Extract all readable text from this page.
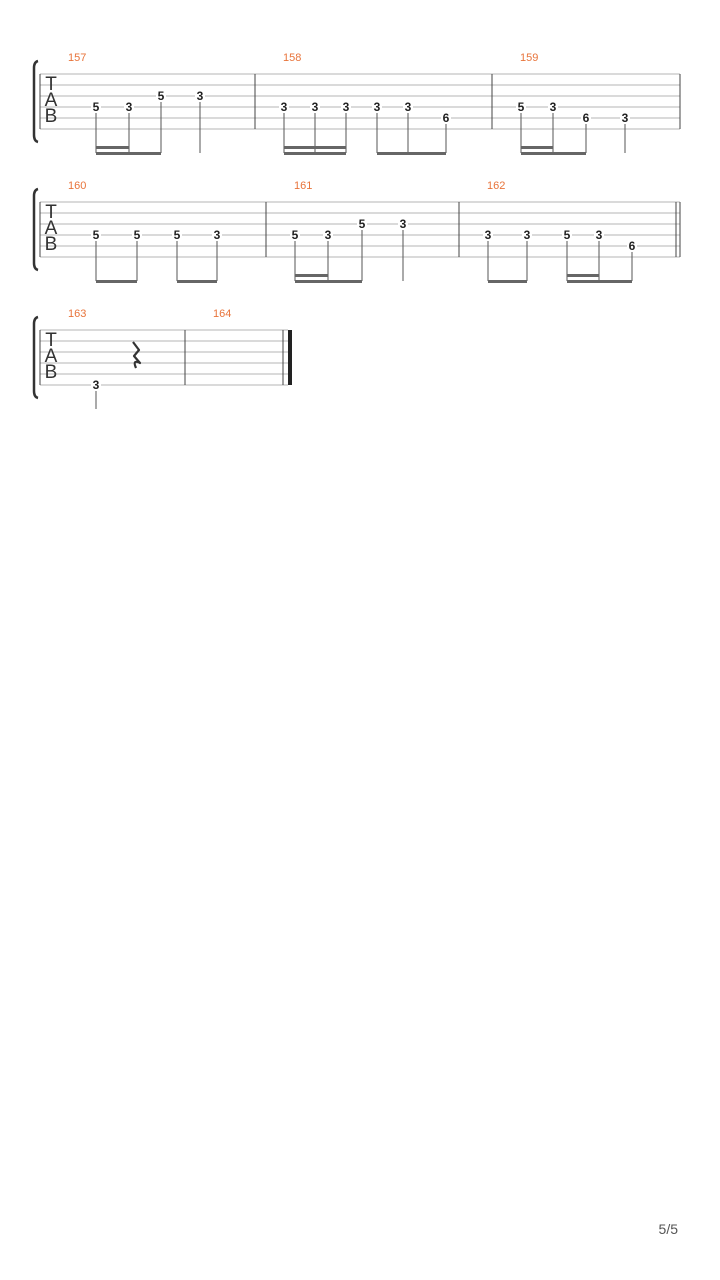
T
A
B
157
5 3
5	3
158
3 3 3 3 3
6
159
5 3
6	3
T
A
B
160
5	5	5	3
161
5 3
5	3
162
3	3	5 3
6
T
A
B
163
3
164
5/5
